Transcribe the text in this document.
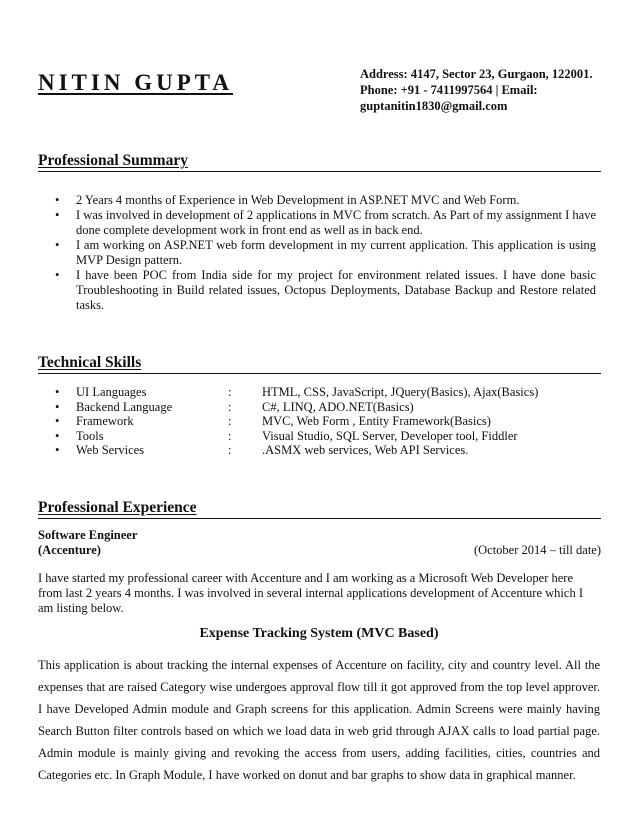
NITIN GUPTA	Address: 4147, Sector 23, Gurgaon, 122001.
Phone: +91 - 7411997564 | Email:
guptanitin1830@gmail.com
Professional Summary
• 2 Years 4 months of Experience in Web Development in ASP.NET MVC and Web Form.
• I was involved in development of 2 applications in MVC from scratch. As Part of my assignment I have done complete development work in front end as well as in back end.
• I am working on ASP.NET web form development in my current application. This application is using MVP Design pattern.
• I have been POC from India side for my project for environment related issues. I have done basic Troubleshooting in Build related issues, Octopus Deployments, Database Backup and Restore related tasks.
Technical Skills
• UI Languages	: HTML, CSS, JavaScript, JQuery(Basics), Ajax(Basics)
• Backend Language	: C#, LINQ, ADO.NET(Basics)
• Framework	: MVC, Web Form , Entity Framework(Basics)
• Tools	: Visual Studio, SQL Server, Developer tool, Fiddler
• Web Services	: .ASMX web services, Web API Services.
Professional Experience
Software Engineer
(Accenture)	(October 2014 – till date)

I have started my professional career with Accenture and I am working as a Microsoft Web Developer here from last 2 years 4 months. I was involved in several internal applications development of Accenture which I am listing below.

Expense Tracking System (MVC Based)

This application is about tracking the internal expenses of Accenture on facility, city and country level. All the expenses that are raised Category wise undergoes approval flow till it got approved from the top level approver. I have Developed Admin module and Graph screens for this application. Admin Screens were mainly having Search Button filter controls based on which we load data in web grid through AJAX calls to load partial page. Admin module is mainly giving and revoking the access from users, adding facilities, cities, countries and Categories etc. In Graph Module, I have worked on donut and bar graphs to show data in graphical manner.
